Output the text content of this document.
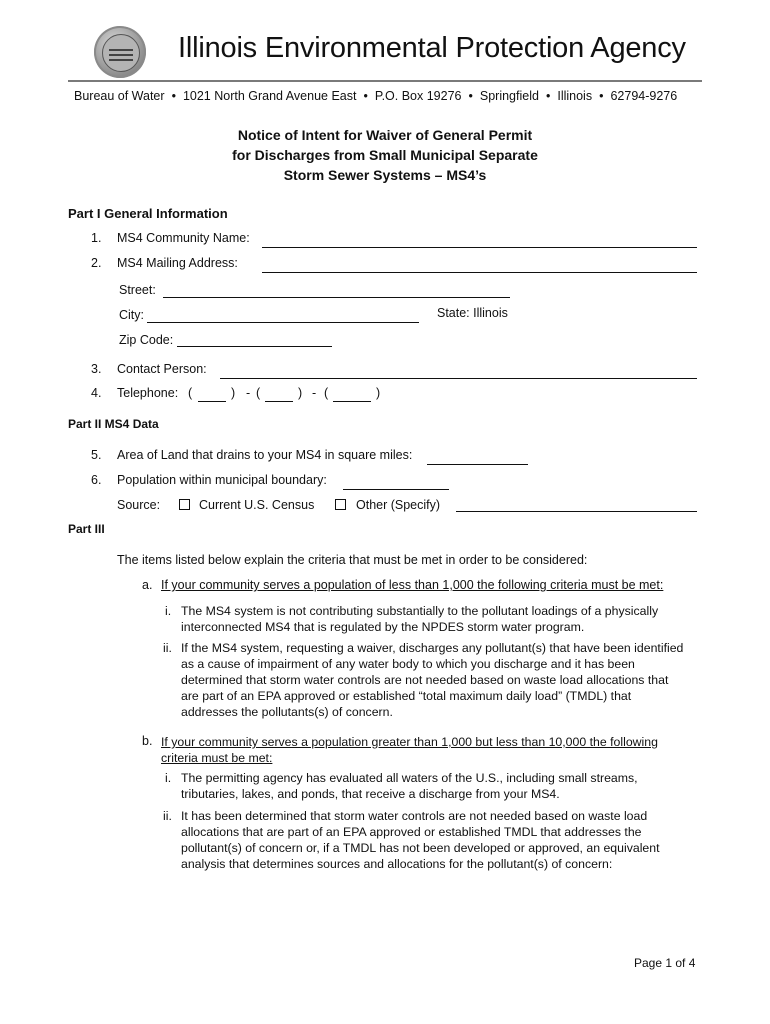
Illinois Environmental Protection Agency
Bureau of Water • 1021 North Grand Avenue East • P.O. Box 19276 • Springfield • Illinois • 62794-9276
Notice of Intent for Waiver of General Permit
for Discharges from Small Municipal Separate
Storm Sewer Systems – MS4’s
Part I General Information
1. MS4 Community Name:
2. MS4 Mailing Address:
Street:
City:	State: Illinois
Zip Code:
3. Contact Person:
4. Telephone: (	) - (	) - (	)
Part II MS4 Data
5. Area of Land that drains to your MS4 in square miles:
6. Population within municipal boundary:
Source:	Current U.S. Census	Other (Specify)
Part III
The items listed below explain the criteria that must be met in order to be considered:
a. If your community serves a population of less than 1,000 the following criteria must be met:
i. The MS4 system is not contributing substantially to the pollutant loadings of a physically
interconnected MS4 that is regulated by the NPDES storm water program.
ii. If the MS4 system, requesting a waiver, discharges any pollutant(s) that have been identified
as a cause of impairment of any water body to which you discharge and it has been
determined that storm water controls are not needed based on waste load allocations that
are part of an EPA approved or established “total maximum daily load” (TMDL) that
addresses the pollutants(s) of concern.
b. If your community serves a population greater than 1,000 but less than 10,000 the following
criteria must be met:
i. The permitting agency has evaluated all waters of the U.S., including small streams,
tributaries, lakes, and ponds, that receive a discharge from your MS4.
ii. It has been determined that storm water controls are not needed based on waste load
allocations that are part of an EPA approved or established TMDL that addresses the
pollutant(s) of concern or, if a TMDL has not been developed or approved, an equivalent
analysis that determines sources and allocations for the pollutant(s) of concern:
Page 1 of 4
